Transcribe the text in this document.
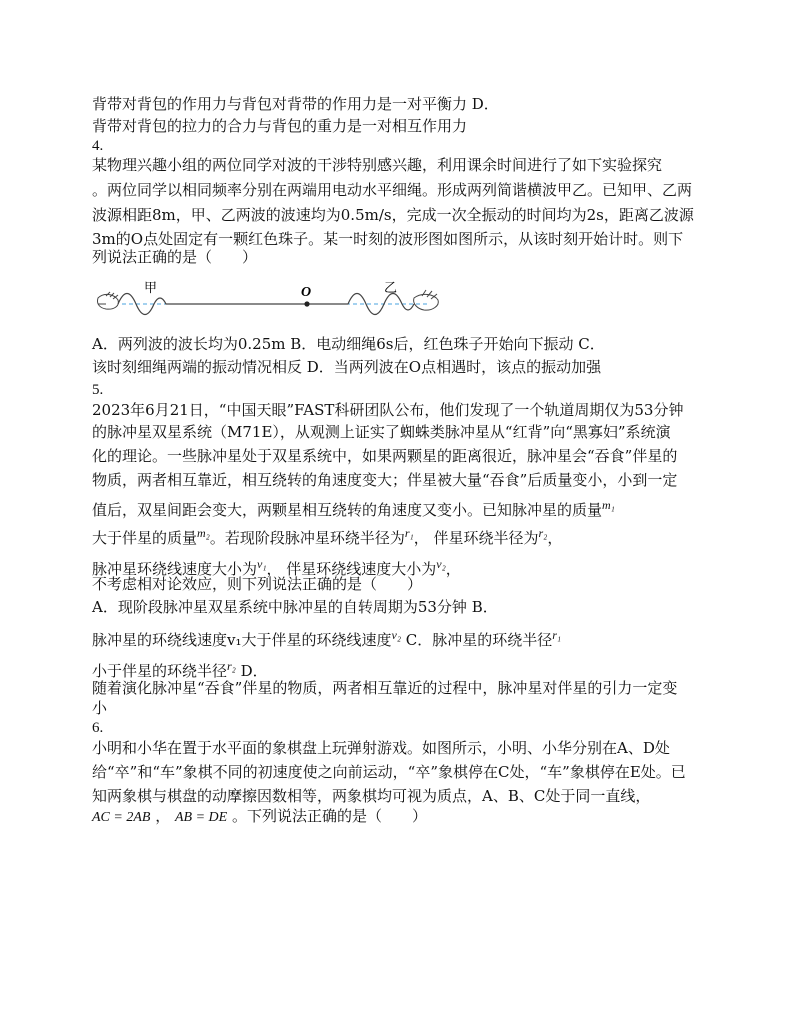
背带对背包的作用力与背包对背带的作用力是一对平衡力 D．
背带对背包的拉力的合力与背包的重力是一对相互作用力
4.
某物理兴趣小组的两位同学对波的干涉特别感兴趣，利用课余时间进行了如下实验探究
。两位同学以相同频率分别在两端用电动水平细绳。形成两列简谐横波甲乙。已知甲、乙两
波源相距8m，甲、乙两波的波速均为0.5m/s，完成一次全振动的时间均为2s，距离乙波源
3m的O点处固定有一颗红色珠子。某一时刻的波形图如图所示，从该时刻开始计时。则下
列说法正确的是（　　）
甲	O	乙
A．两列波的波长均为0.25m B．电动细绳6s后，红色珠子开始向下振动 C．
该时刻细绳两端的振动情况相反 D．当两列波在O点相遇时，该点的振动加强
5.
2023年6月21日，“中国天眼”FAST科研团队公布，他们发现了一个轨道周期仅为53分钟
的脉冲星双星系统（M71E），从观测上证实了蜘蛛类脉冲星从“红背”向“黑寡妇”系统演
化的理论。一些脉冲星处于双星系统中，如果两颗星的距离很近，脉冲星会“吞食”伴星的
物质，两者相互靠近，相互绕转的角速度变大；伴星被大量“吞食”后质量变小，小到一定
值后，双星间距会变大，两颗星相互绕转的角速度又变小。已知脉冲星的质量$^{m_1}$
大于伴星的质量$^{m_2}$。若现阶段脉冲星环绕半径为$^{r_1}$， 伴星环绕半径为$^{r_2}$，
脉冲星环绕线速度大小为$^{v_1}$， 伴星环绕线速度大小为$^{v_2}$，
不考虑相对论效应，则下列说法正确的是（　　）
A．现阶段脉冲星双星系统中脉冲星的自转周期为53分钟 B．
脉冲星的环绕线速度v₁大于伴星的环绕线速度$^{v_2}$ C．脉冲星的环绕半径$^{r_1}$
小于伴星的环绕半径$^{r_2}$ D．
随着演化脉冲星“吞食”伴星的物质，两者相互靠近的过程中，脉冲星对伴星的引力一定变
小
6.
小明和小华在置于水平面的象棋盘上玩弹射游戏。如图所示，小明、小华分别在A、D处
给“卒”和“车”象棋不同的初速度使之向前运动，“卒”象棋停在C处，“车”象棋停在E处。已
知两象棋与棋盘的动摩擦因数相等，两象棋均可视为质点，A、B、C处于同一直线，
AC = 2AB ， AB = DE 。下列说法正确的是（　　）
